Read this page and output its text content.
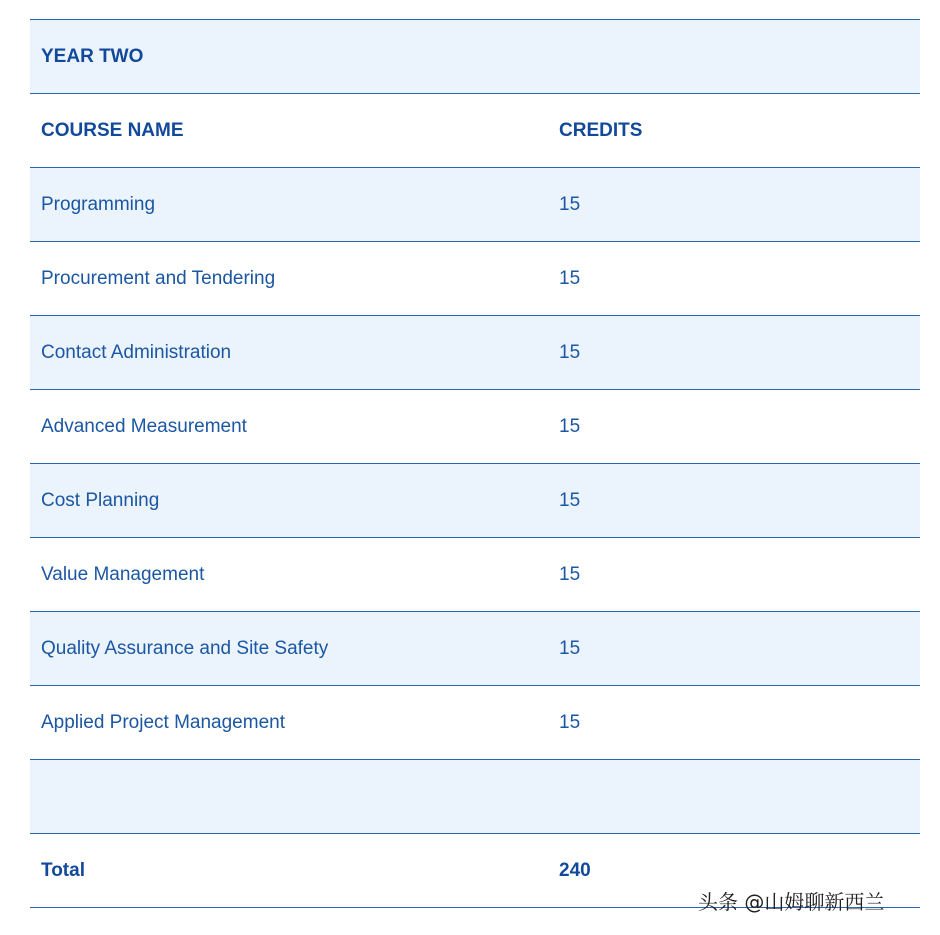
YEAR TWO
COURSE NAME	CREDITS
Programming	15
Procurement and Tendering	15
Contact Administration	15
Advanced Measurement	15
Cost Planning	15
Value Management	15
Quality Assurance and Site Safety	15
Applied Project Management	15
Total	240
头条 @山姆聊新西兰
